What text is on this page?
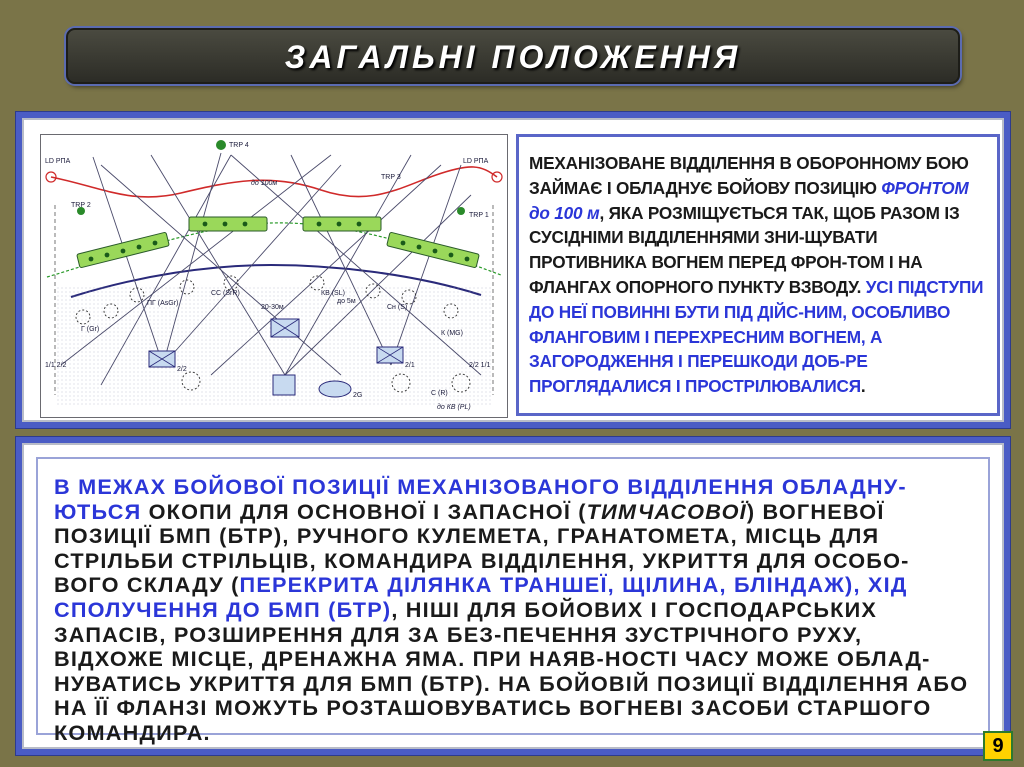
ЗАГАЛЬНІ ПОЛОЖЕННЯ
LD РПА	LD РПА
TRP 4
TRP 3
TRP 2
TRP 1
до 100м
20-30м
до 5м
ПГ (AsGr)
СС (SrR)	КВ (SL)
Сн (S)
Г (Gr)
К (MG)
С (R)
до КВ (PL)
1/1 2/2	2/2 1/1
2/2
2/1
2G
МЕХАНІЗОВАНЕ ВІДДІЛЕННЯ В ОБОРОННОМУ БОЮ ЗАЙМАЄ І ОБЛАДНУЄ БОЙОВУ ПОЗИЦІЮ ФРОНТОМ до 100 м, ЯКА РОЗМІЩУЄТЬСЯ ТАК, ЩОБ РАЗОМ ІЗ СУСІДНІМИ ВІДДІЛЕННЯМИ ЗНИ-ЩУВАТИ ПРОТИВНИКА ВОГНЕМ ПЕРЕД ФРОН-ТОМ І НА ФЛАНГАХ ОПОРНОГО ПУНКТУ ВЗВОДУ. УСІ ПІДСТУПИ ДО НЕЇ ПОВИННІ БУТИ ПІД ДІЙС-НИМ, ОСОБЛИВО ФЛАНГОВИМ І ПЕРЕХРЕСНИМ ВОГНЕМ, А ЗАГОРОДЖЕННЯ І ПЕРЕШКОДИ ДОБ-РЕ ПРОГЛЯДАЛИСЯ І ПРОСТРІЛЮВАЛИСЯ.
В МЕЖАХ БОЙОВОЇ ПОЗИЦІЇ МЕХАНІЗОВАНОГО ВІДДІЛЕННЯ ОБЛАДНУ-ЮТЬСЯ ОКОПИ ДЛЯ ОСНОВНОЇ І ЗАПАСНОЇ (ТИМЧАСОВОЇ) ВОГНЕВОЇ ПОЗИЦІЇ БМП (БТР), РУЧНОГО КУЛЕМЕТА, ГРАНАТОМЕТА, МІСЦЬ ДЛЯ СТРІЛЬБИ СТРІЛЬЦІВ, КОМАНДИРА ВІДДІЛЕННЯ, УКРИТТЯ ДЛЯ ОСОБО-ВОГО СКЛАДУ (ПЕРЕКРИТА ДІЛЯНКА ТРАНШЕЇ, ЩІЛИНА, БЛІНДАЖ), ХІД СПОЛУЧЕННЯ ДО БМП (БТР), НІШІ ДЛЯ БОЙОВИХ І ГОСПОДАРСЬКИХ ЗАПАСІВ, РОЗШИРЕННЯ ДЛЯ ЗА БЕЗ-ПЕЧЕННЯ ЗУСТРІЧНОГО РУХУ, ВІДХОЖЕ МІСЦЕ, ДРЕНАЖНА ЯМА. ПРИ НАЯВ-НОСТІ ЧАСУ МОЖЕ ОБЛАД-НУВАТИСЬ УКРИТТЯ ДЛЯ БМП (БТР). НА БОЙОВІЙ ПОЗИЦІЇ ВІДДІЛЕННЯ АБО НА ЇЇ ФЛАНЗІ МОЖУТЬ РОЗТАШОВУВАТИСЬ ВОГНЕВІ ЗАСОБИ СТАРШОГО КОМАНДИРА.
9
